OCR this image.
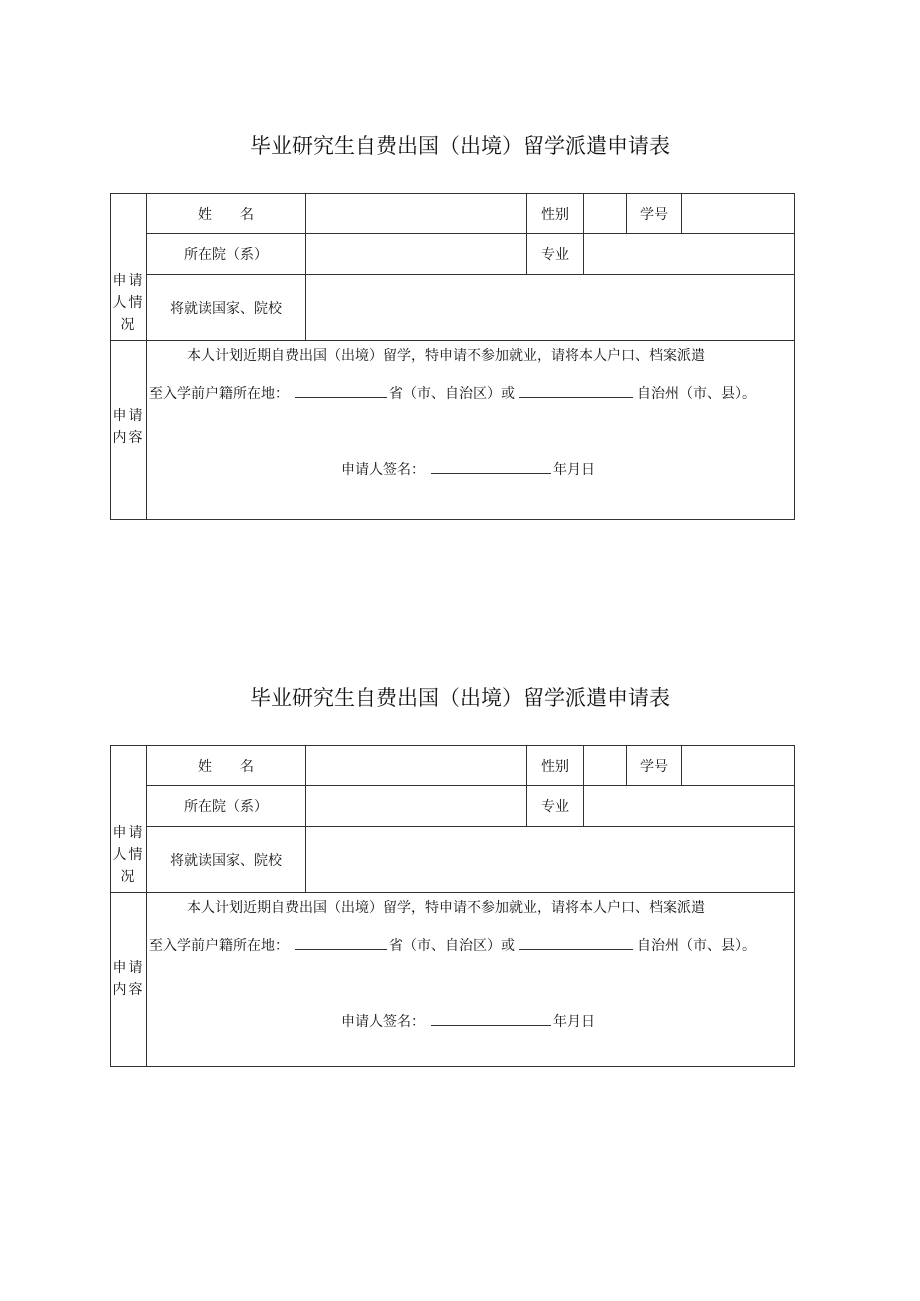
毕业研究生自费出国（出境）留学派遣申请表
申请人情况	姓　　名		性别		学号	
	所在院（系）		专业			
	将就读国家、院校					
申请内容	本人计划近期自费出国（出境）留学，特申请不参加就业，请将本人户口、档案派遣
至入学前户籍所在地： 省（市、自治区）或 自治州（市、县）。
申请人签名： 年月日					
毕业研究生自费出国（出境）留学派遣申请表
申请人情况	姓　　名		性别		学号	
	所在院（系）		专业			
	将就读国家、院校					
申请内容	本人计划近期自费出国（出境）留学，特申请不参加就业，请将本人户口、档案派遣
至入学前户籍所在地： 省（市、自治区）或 自治州（市、县）。
申请人签名： 年月日					
